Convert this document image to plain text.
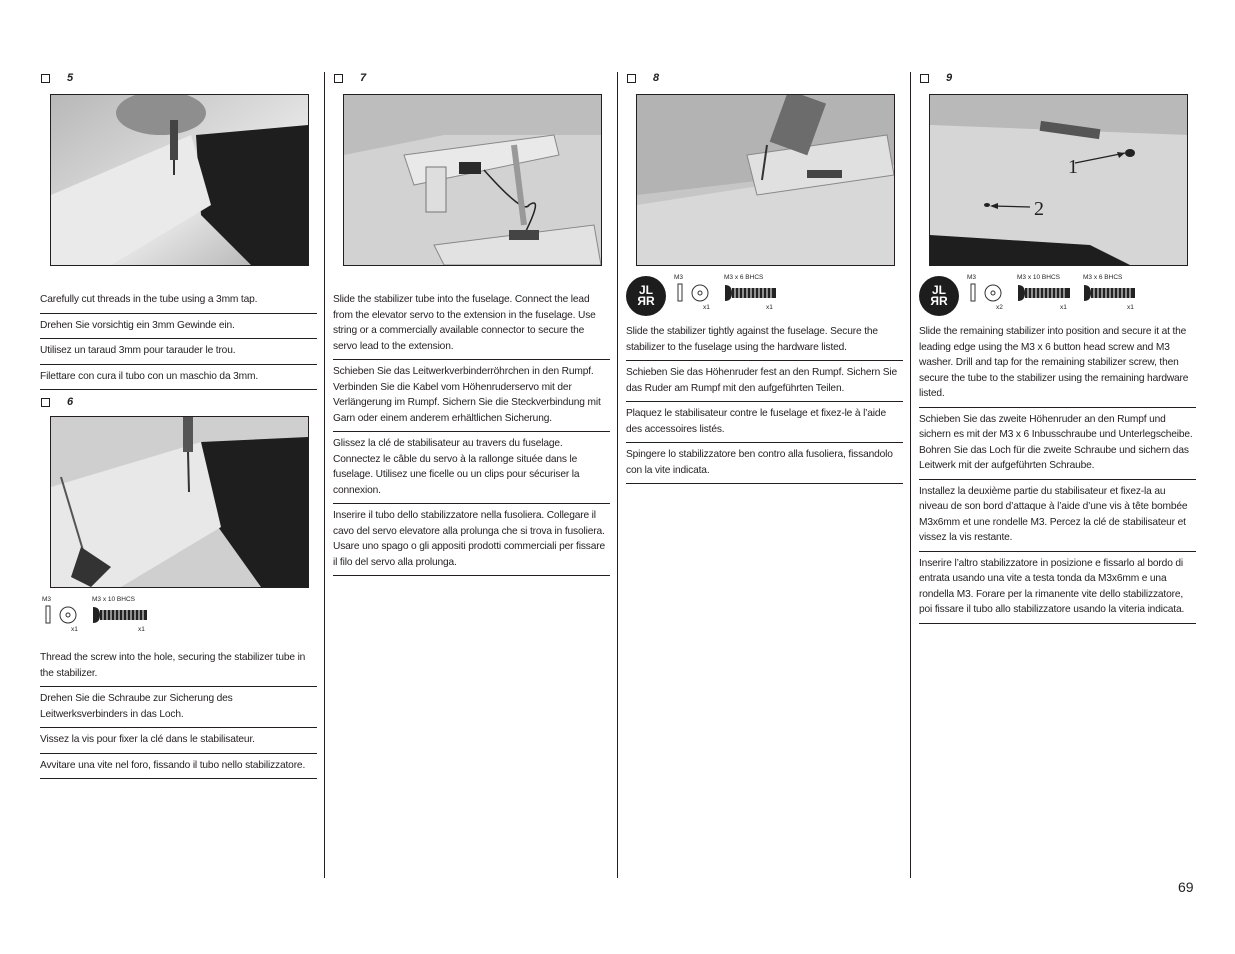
5
Carefully cut threads in the tube using a 3mm tap.
Drehen Sie vorsichtig ein 3mm Gewinde ein.
Utilisez un taraud 3mm pour tarauder le trou.
Filettare con cura il tubo con un maschio da 3mm.
6
M3
x1
M3 x 10 BHCS
x1
Thread the screw into the hole, securing the stabilizer tube in the stabilizer.
Drehen Sie die Schraube zur Sicherung des Leitwerksverbinders in das Loch.
Vissez la vis pour fixer la clé dans le stabilisateur.
Avvitare una vite nel foro, fissando il tubo nello stabilizzatore.
7
Slide the stabilizer tube into the fuselage. Connect the lead from the elevator servo to the extension in the fuselage. Use string or a commercially available connector to secure the servo lead to the extension.
Schieben Sie das Leitwerkverbinderröhrchen in den Rumpf. Verbinden Sie die Kabel vom Höhenruderservo mit der Verlängerung im Rumpf. Sichern Sie die Steckverbindung mit Garn oder einem anderem erhältlichen Sicherung.
Glissez la clé de stabilisateur au travers du fuselage. Connectez le câble du servo à la rallonge située dans le fuselage. Utilisez une ficelle ou un clips pour sécuriser la connexion.
Inserire il tubo dello stabilizzatore nella fusoliera. Collegare il cavo del servo elevatore alla prolunga che si trova in fusoliera. Usare uno spago o gli appositi prodotti commerciali per fissare il filo del servo alla prolunga.
8
JL
ЯR
M3
x1
M3 x 6 BHCS
x1
Slide the stabilizer tightly against the fuselage. Secure the stabilizer to the fuselage using the hardware listed.
Schieben Sie das Höhenruder fest an den Rumpf. Sichern Sie das Ruder am Rumpf mit den aufgeführten Teilen.
Plaquez le stabilisateur contre le fuselage et fixez-le à l’aide des accessoires listés.
Spingere lo stabilizzatore ben contro alla fusoliera, fissandolo con la vite indicata.
9
1
2
JL
ЯR
M3
x2
M3 x 10 BHCS
x1
M3 x 6 BHCS
x1
Slide the remaining stabilizer into position and secure it at the leading edge using the M3 x 6 button head screw and M3 washer. Drill and tap for the remaining stabilizer screw, then secure the tube to the stabilizer using the remaining hardware listed.
Schieben Sie das zweite Höhenruder an den Rumpf und sichern es mit der M3 x 6 Inbusschraube und Unterlegscheibe. Bohren Sie das Loch für die zweite Schraube und sichern das Leitwerk mit der aufgeführten Schraube.
Installez la deuxième partie du stabilisateur et fixez-la au niveau de son bord d’attaque à l’aide d’une vis à tête bombée M3x6mm et une rondelle M3. Percez la clé de stabilisateur et vissez la vis restante.
Inserire l’altro stabilizzatore in posizione e fissarlo al bordo di entrata usando una vite a testa tonda da M3x6mm e una rondella M3. Forare per la rimanente vite dello stabilizzatore, poi fissare il tubo allo stabilizzatore usando la viteria indicata.
69
